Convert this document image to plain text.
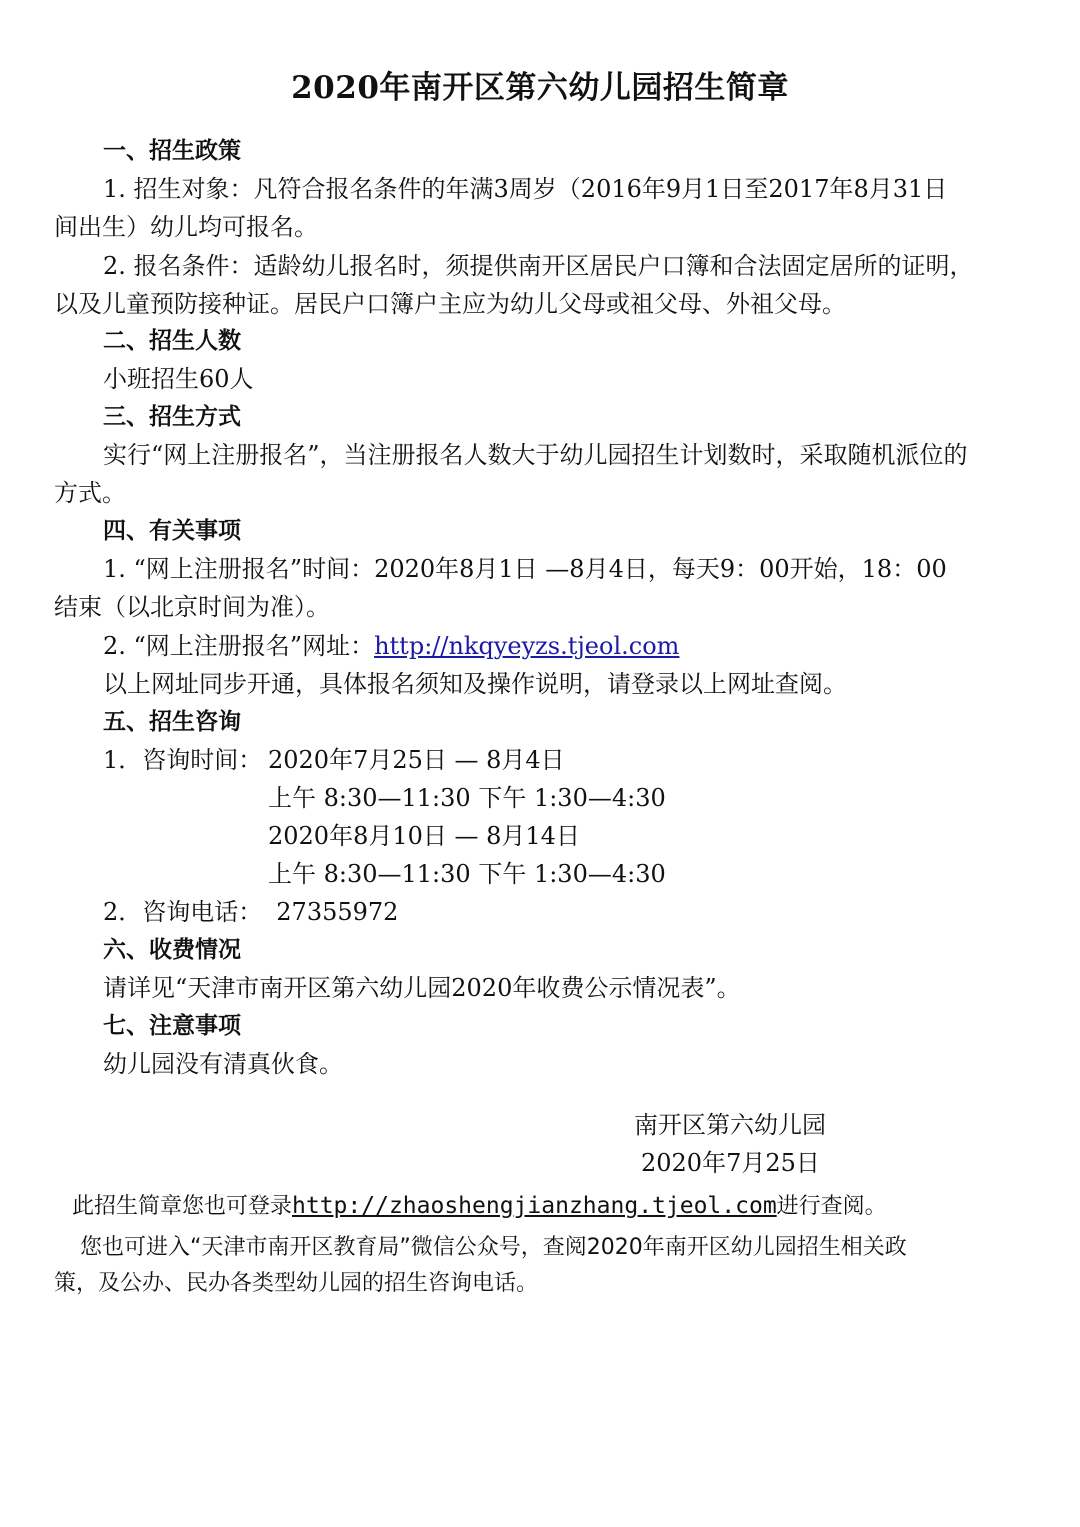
2020年南开区第六幼儿园招生简章
一、招生政策
1. 招生对象：凡符合报名条件的年满3周岁（2016年9月1日至2017年8月31日
间出生）幼儿均可报名。
2. 报名条件：适龄幼儿报名时，须提供南开区居民户口簿和合法固定居所的证明，
以及儿童预防接种证。居民户口簿户主应为幼儿父母或祖父母、外祖父母。
二、招生人数
小班招生60人
三、招生方式
实行“网上注册报名”，当注册报名人数大于幼儿园招生计划数时，采取随机派位的
方式。
四、有关事项
1. “网上注册报名”时间：2020年8月1日 —8月4日，每天9：00开始，18：00
结束（以北京时间为准）。
2. “网上注册报名”网址：http://nkqyeyzs.tjeol.com
以上网址同步开通，具体报名须知及操作说明，请登录以上网址查阅。
五、招生咨询
1．咨询时间： 2020年7月25日 — 8月4日
上午 8:30—11:30 下午 1:30—4:30
2020年8月10日 — 8月14日
上午 8:30—11:30 下午 1:30—4:30
2．咨询电话： 27355972
六、收费情况
请详见“天津市南开区第六幼儿园2020年收费公示情况表”。
七、注意事项
幼儿园没有清真伙食。
南开区第六幼儿园
2020年7月25日
此招生简章您也可登录http://zhaoshengjianzhang.tjeol.com进行查阅。
您也可进入“天津市南开区教育局”微信公众号，查阅2020年南开区幼儿园招生相关政
策，及公办、民办各类型幼儿园的招生咨询电话。
